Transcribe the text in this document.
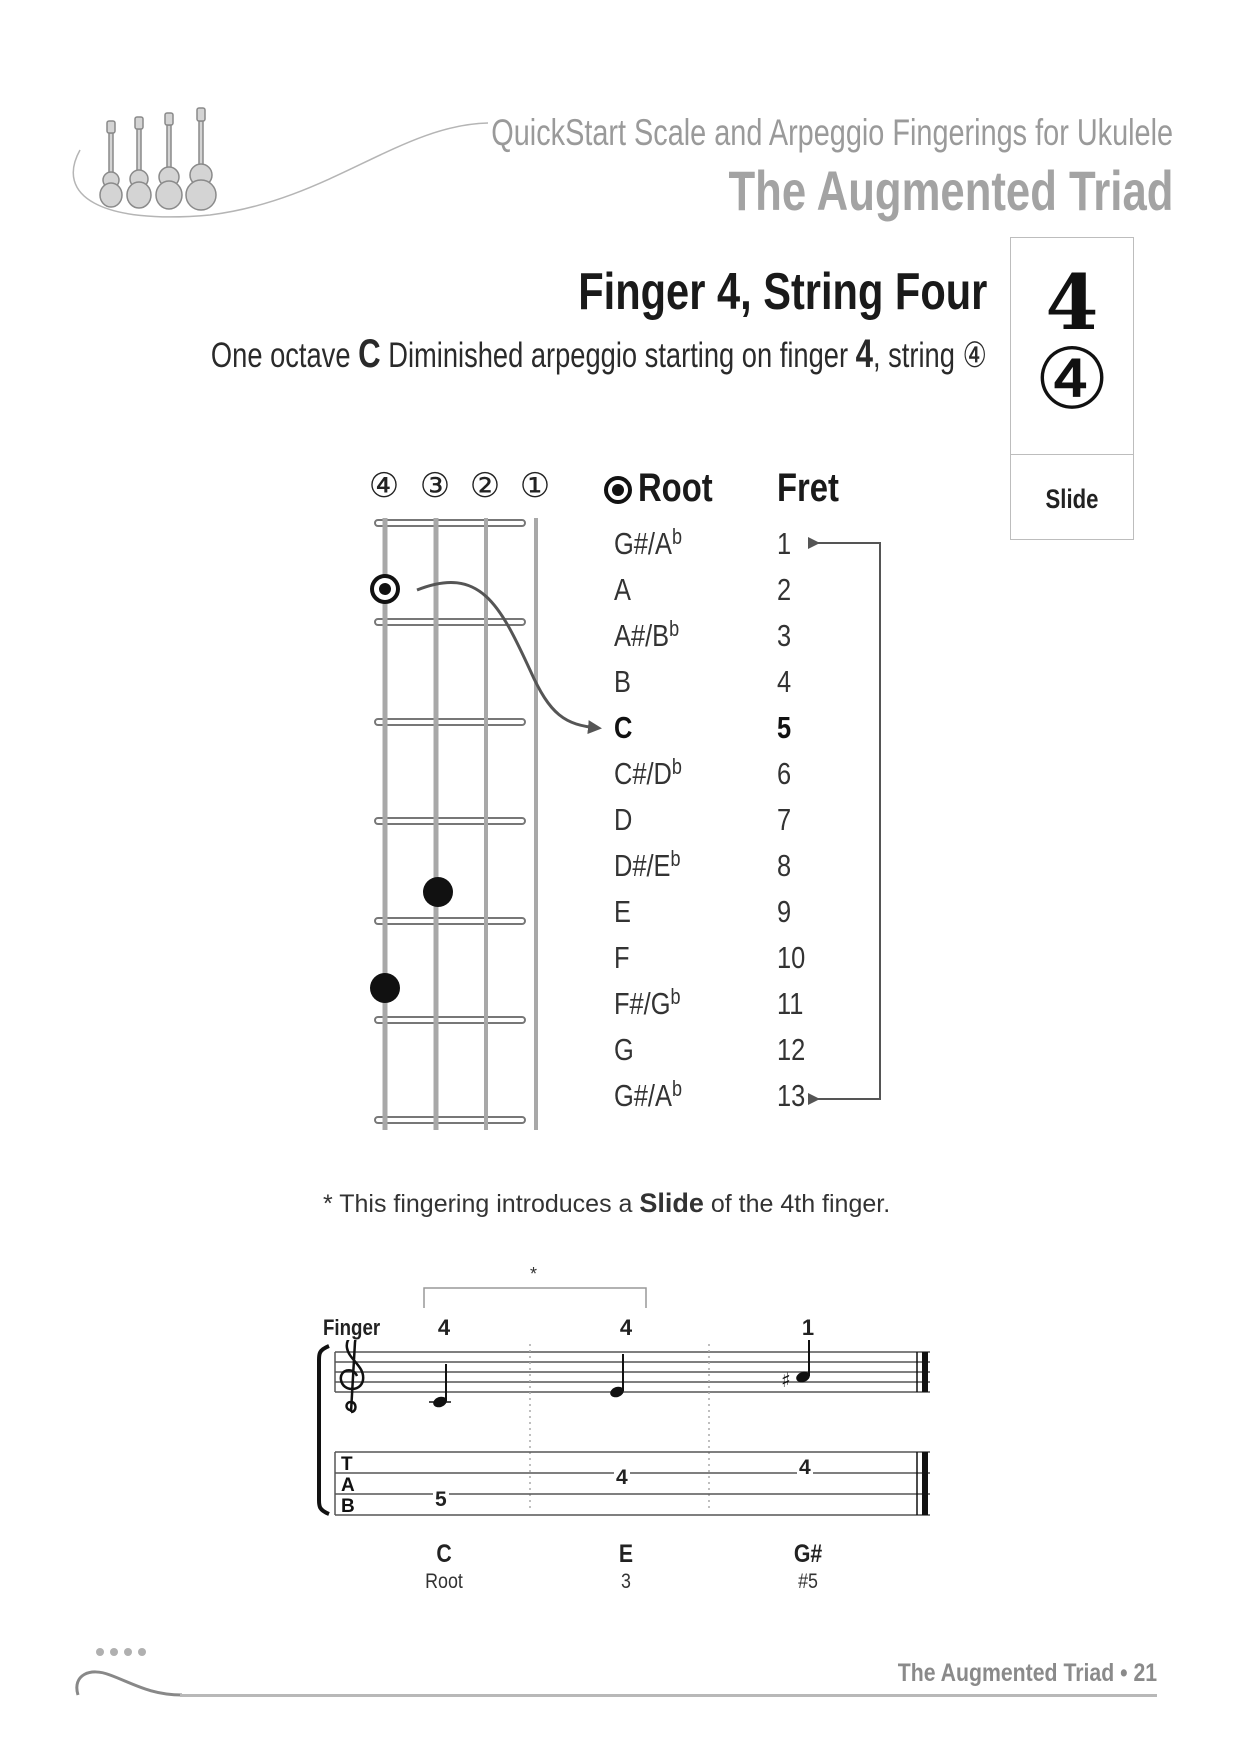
QuickStart Scale and Arpeggio Fingerings for Ukulele
The Augmented Triad
Finger 4, String Four
One octave C Diminished arpeggio starting on finger 4, string ④
4
④
Slide
④ ③ ② ① Root Fret
$G\#/A^b$	1
A	2
$A\#/B^b$	3
B	4
C	5
$C\#/D^b$	6
D	7
$D\#/E^b$	8
E	9
F	10
$F\#/G^b$	11
G	12
$G\#/A^b$	13
* This fingering introduces a Slide of the 4th finger.
*
Finger	4	4	1
♯
T
A
B	5
4	4
C	E	G#
Root	3	#5
The Augmented Triad • 21
